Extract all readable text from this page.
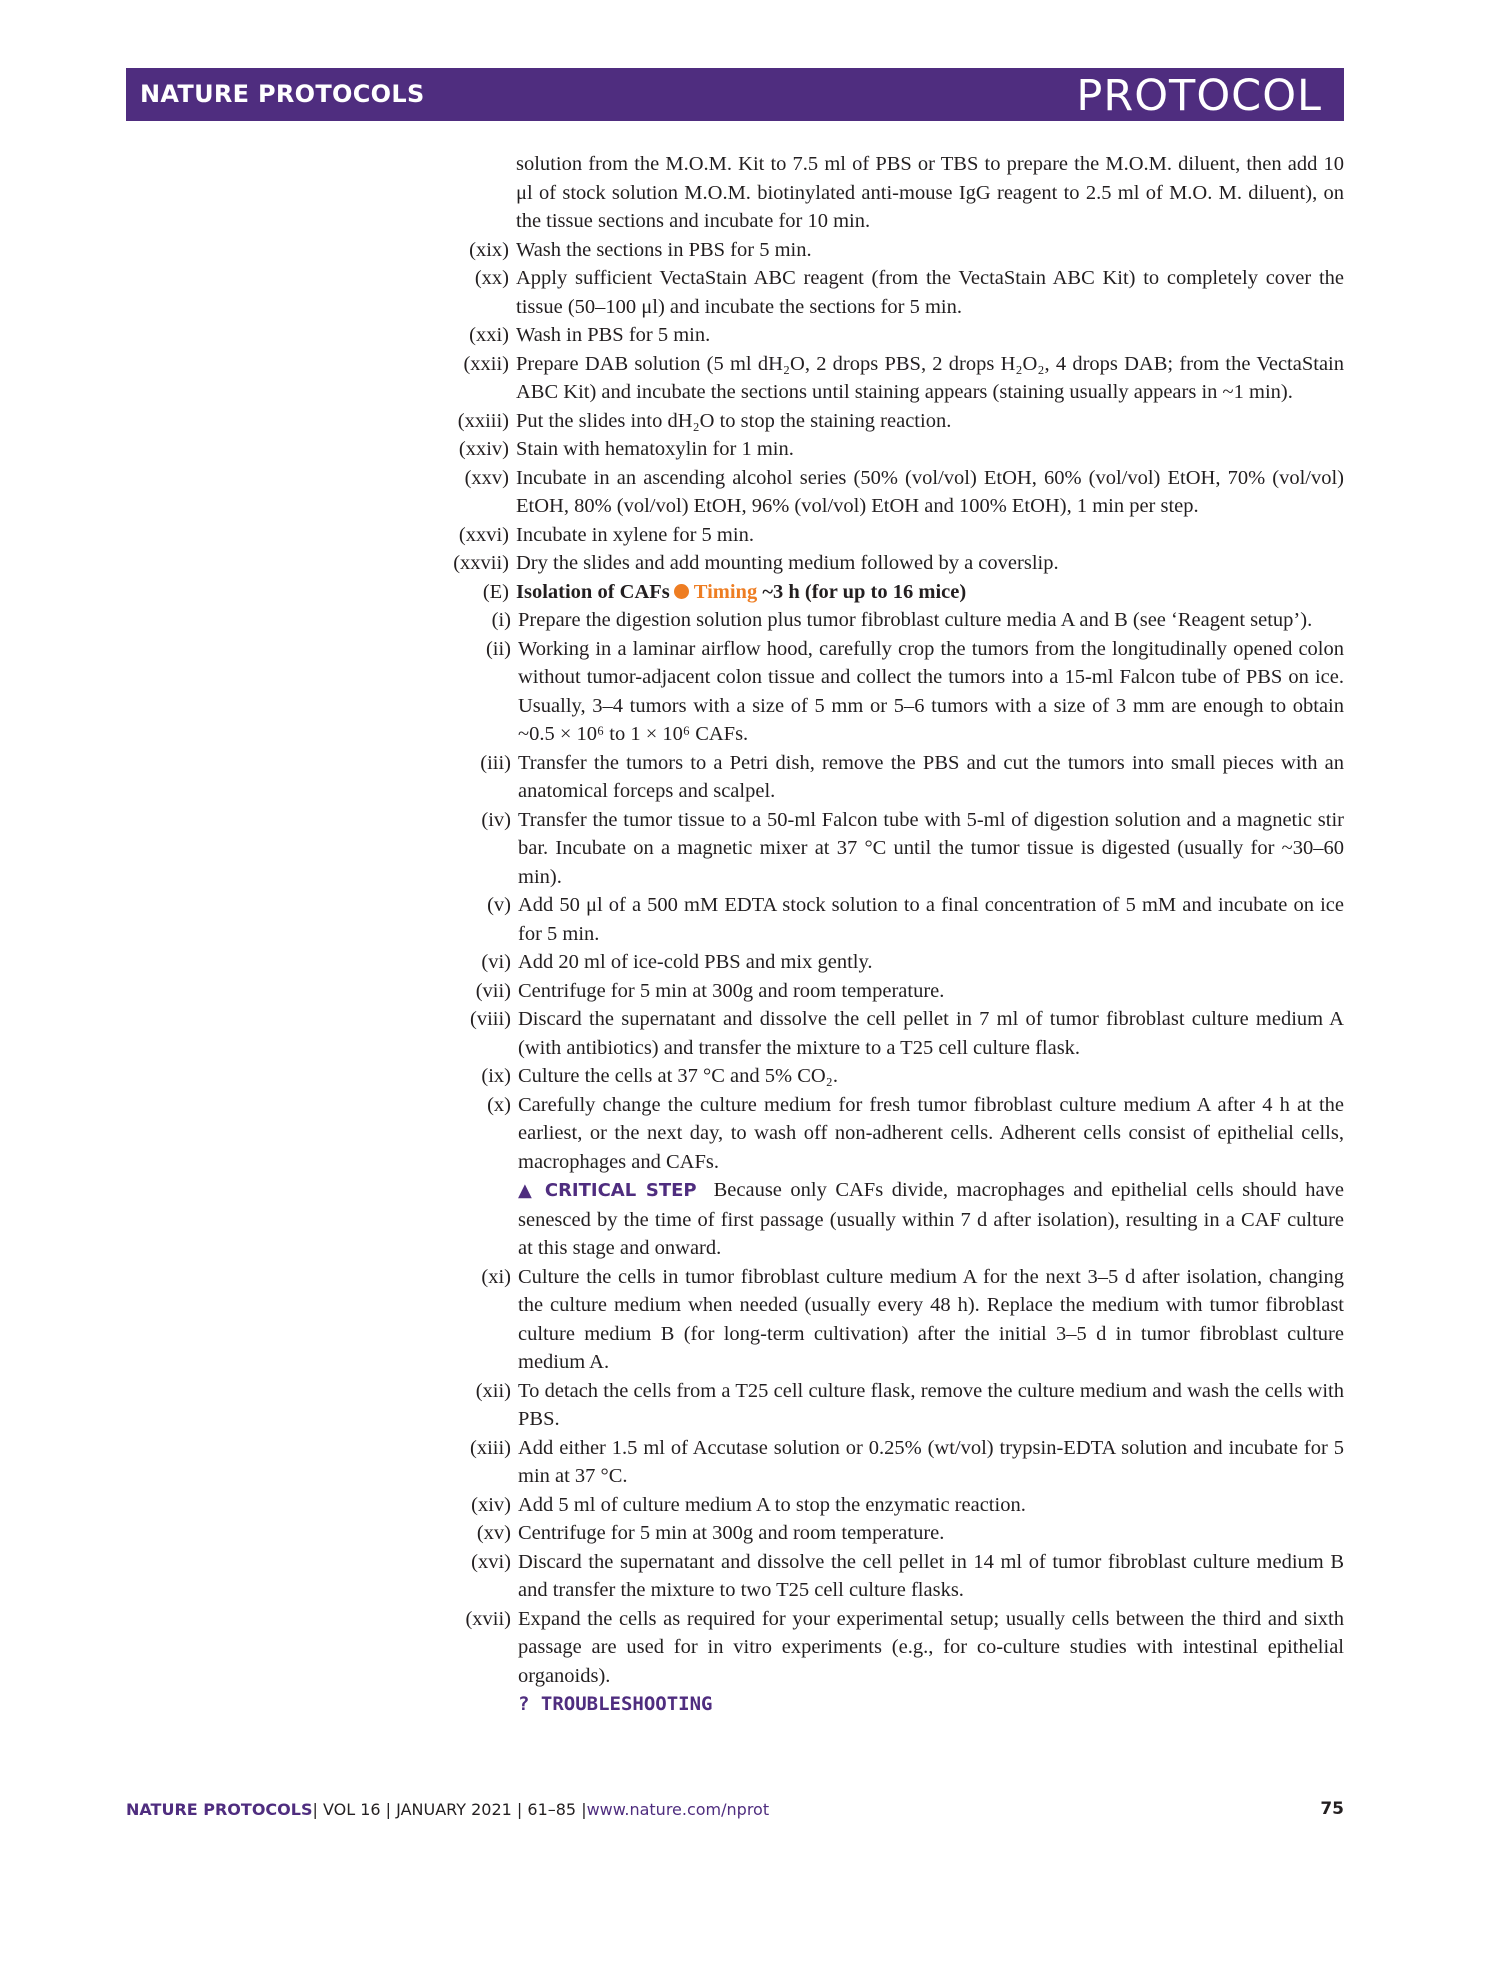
NATURE PROTOCOLS	PROTOCOL
solution from the M.O.M. Kit to 7.5 ml of PBS or TBS to prepare the M.O.M. diluent, then add 10 μl of stock solution M.O.M. biotinylated anti-mouse IgG reagent to 2.5 ml of M.O. M. diluent), on the tissue sections and incubate for 10 min.
(xix) Wash the sections in PBS for 5 min.
(xx) Apply sufficient VectaStain ABC reagent (from the VectaStain ABC Kit) to completely cover the tissue (50–100 μl) and incubate the sections for 5 min.
(xxi) Wash in PBS for 5 min.
(xxii) Prepare DAB solution (5 ml dH₂O, 2 drops PBS, 2 drops H₂O₂, 4 drops DAB; from the VectaStain ABC Kit) and incubate the sections until staining appears (staining usually appears in ~1 min).
(xxiii) Put the slides into dH₂O to stop the staining reaction.
(xxiv) Stain with hematoxylin for 1 min.
(xxv) Incubate in an ascending alcohol series (50% (vol/vol) EtOH, 60% (vol/vol) EtOH, 70% (vol/vol) EtOH, 80% (vol/vol) EtOH, 96% (vol/vol) EtOH and 100% EtOH), 1 min per step.
(xxvi) Incubate in xylene for 5 min.
(xxvii) Dry the slides and add mounting medium followed by a coverslip.
(E) Isolation of CAFs Timing ~3 h (for up to 16 mice)
(i) Prepare the digestion solution plus tumor fibroblast culture media A and B (see ‘Reagent setup’).
(ii) Working in a laminar airflow hood, carefully crop the tumors from the longitudinally opened colon without tumor-adjacent colon tissue and collect the tumors into a 15-ml Falcon tube of PBS on ice. Usually, 3–4 tumors with a size of 5 mm or 5–6 tumors with a size of 3 mm are enough to obtain ~0.5 × 10⁶ to 1 × 10⁶ CAFs.
(iii) Transfer the tumors to a Petri dish, remove the PBS and cut the tumors into small pieces with an anatomical forceps and scalpel.
(iv) Transfer the tumor tissue to a 50-ml Falcon tube with 5-ml of digestion solution and a magnetic stir bar. Incubate on a magnetic mixer at 37 °C until the tumor tissue is digested (usually for ~30–60 min).
(v) Add 50 μl of a 500 mM EDTA stock solution to a final concentration of 5 mM and incubate on ice for 5 min.
(vi) Add 20 ml of ice-cold PBS and mix gently.
(vii) Centrifuge for 5 min at 300g and room temperature.
(viii) Discard the supernatant and dissolve the cell pellet in 7 ml of tumor fibroblast culture medium A (with antibiotics) and transfer the mixture to a T25 cell culture flask.
(ix) Culture the cells at 37 °C and 5% CO₂.
(x) Carefully change the culture medium for fresh tumor fibroblast culture medium A after 4 h at the earliest, or the next day, to wash off non-adherent cells. Adherent cells consist of epithelial cells, macrophages and CAFs.
▲ CRITICAL STEP Because only CAFs divide, macrophages and epithelial cells should have senesced by the time of first passage (usually within 7 d after isolation), resulting in a CAF culture at this stage and onward.
(xi) Culture the cells in tumor fibroblast culture medium A for the next 3–5 d after isolation, changing the culture medium when needed (usually every 48 h). Replace the medium with tumor fibroblast culture medium B (for long-term cultivation) after the initial 3–5 d in tumor fibroblast culture medium A.
(xii) To detach the cells from a T25 cell culture flask, remove the culture medium and wash the cells with PBS.
(xiii) Add either 1.5 ml of Accutase solution or 0.25% (wt/vol) trypsin-EDTA solution and incubate for 5 min at 37 °C.
(xiv) Add 5 ml of culture medium A to stop the enzymatic reaction.
(xv) Centrifuge for 5 min at 300g and room temperature.
(xvi) Discard the supernatant and dissolve the cell pellet in 14 ml of tumor fibroblast culture medium B and transfer the mixture to two T25 cell culture flasks.
(xvii) Expand the cells as required for your experimental setup; usually cells between the third and sixth passage are used for in vitro experiments (e.g., for co-culture studies with intestinal epithelial organoids).
? TROUBLESHOOTING
NATURE PROTOCOLS| VOL 16 | JANUARY 2021 | 61–85 |www.nature.com/nprot	75
